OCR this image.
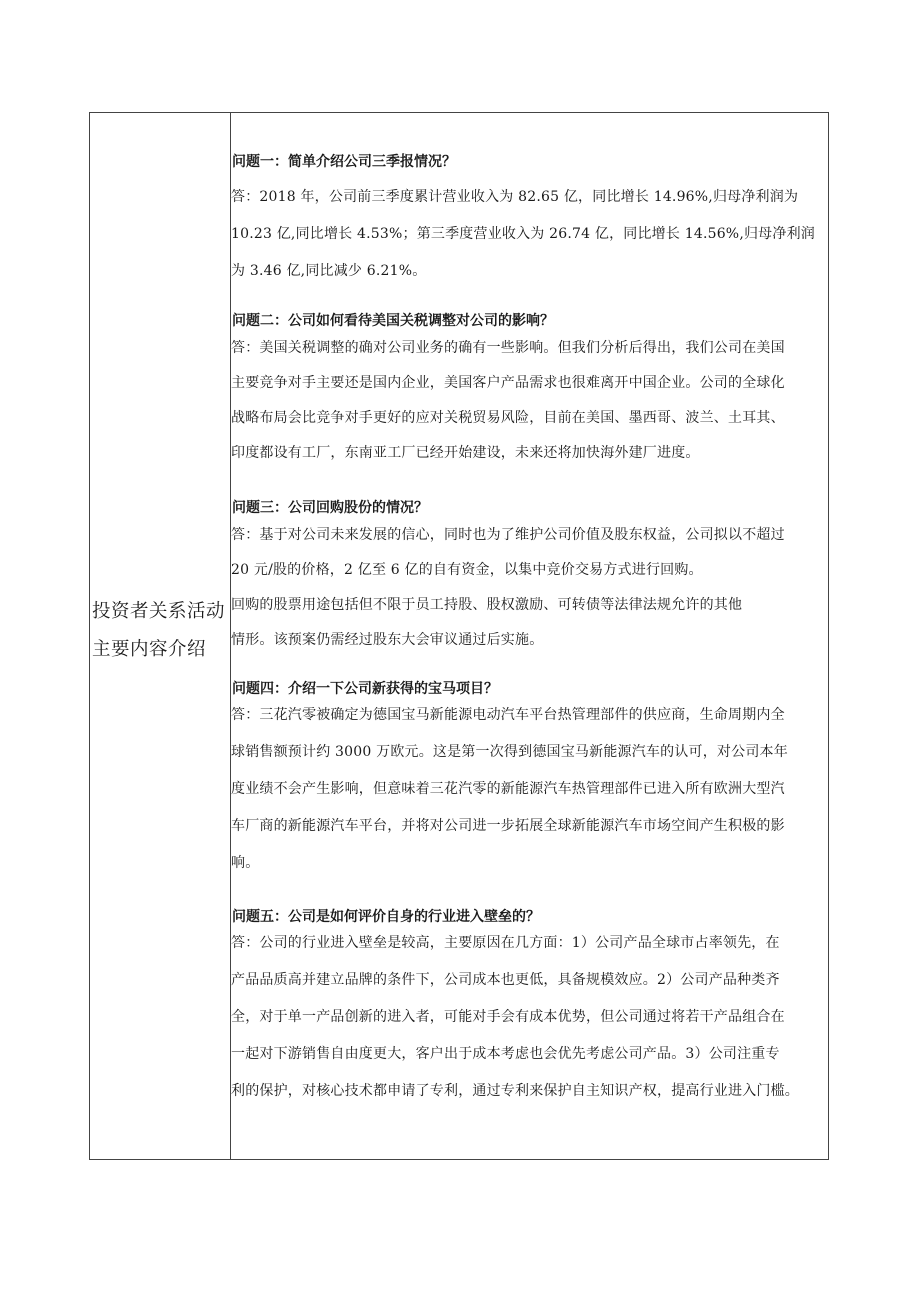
投资者关系活动主要内容介绍

问题一：简单介绍公司三季报情况？

答：2018 年，公司前三季度累计营业收入为 82.65 亿，同比增长 14.96%,归母净利润为
10.23 亿,同比增长 4.53%；第三季度营业收入为 26.74 亿，同比增长 14.56%,归母净利润
为 3.46 亿,同比减少 6.21%。

问题二：公司如何看待美国关税调整对公司的影响？

答：美国关税调整的确对公司业务的确有一些影响。但我们分析后得出，我们公司在美国
主要竞争对手主要还是国内企业，美国客户产品需求也很难离开中国企业。公司的全球化
战略布局会比竞争对手更好的应对关税贸易风险，目前在美国、墨西哥、波兰、土耳其、
印度都设有工厂，东南亚工厂已经开始建设，未来还将加快海外建厂进度。

问题三：公司回购股份的情况？

答：基于对公司未来发展的信心，同时也为了维护公司价值及股东权益，公司拟以不超过
20 元/股的价格，2 亿至 6 亿的自有资金，以集中竞价交易方式进行回购。
回购的股票用途包括但不限于员工持股、股权激励、可转债等法律法规允许的其他
情形。该预案仍需经过股东大会审议通过后实施。

问题四：介绍一下公司新获得的宝马项目？

答：三花汽零被确定为德国宝马新能源电动汽车平台热管理部件的供应商，生命周期内全
球销售额预计约 3000 万欧元。这是第一次得到德国宝马新能源汽车的认可，对公司本年
度业绩不会产生影响，但意味着三花汽零的新能源汽车热管理部件已进入所有欧洲大型汽
车厂商的新能源汽车平台，并将对公司进一步拓展全球新能源汽车市场空间产生积极的影
响。

问题五：公司是如何评价自身的行业进入壁垒的？

答：公司的行业进入壁垒是较高，主要原因在几方面：1）公司产品全球市占率领先，在
产品品质高并建立品牌的条件下，公司成本也更低，具备规模效应。2）公司产品种类齐
全，对于单一产品创新的进入者，可能对手会有成本优势，但公司通过将若干产品组合在
一起对下游销售自由度更大，客户出于成本考虑也会优先考虑公司产品。3）公司注重专
利的保护，对核心技术都申请了专利，通过专利来保护自主知识产权，提高行业进入门槛。
